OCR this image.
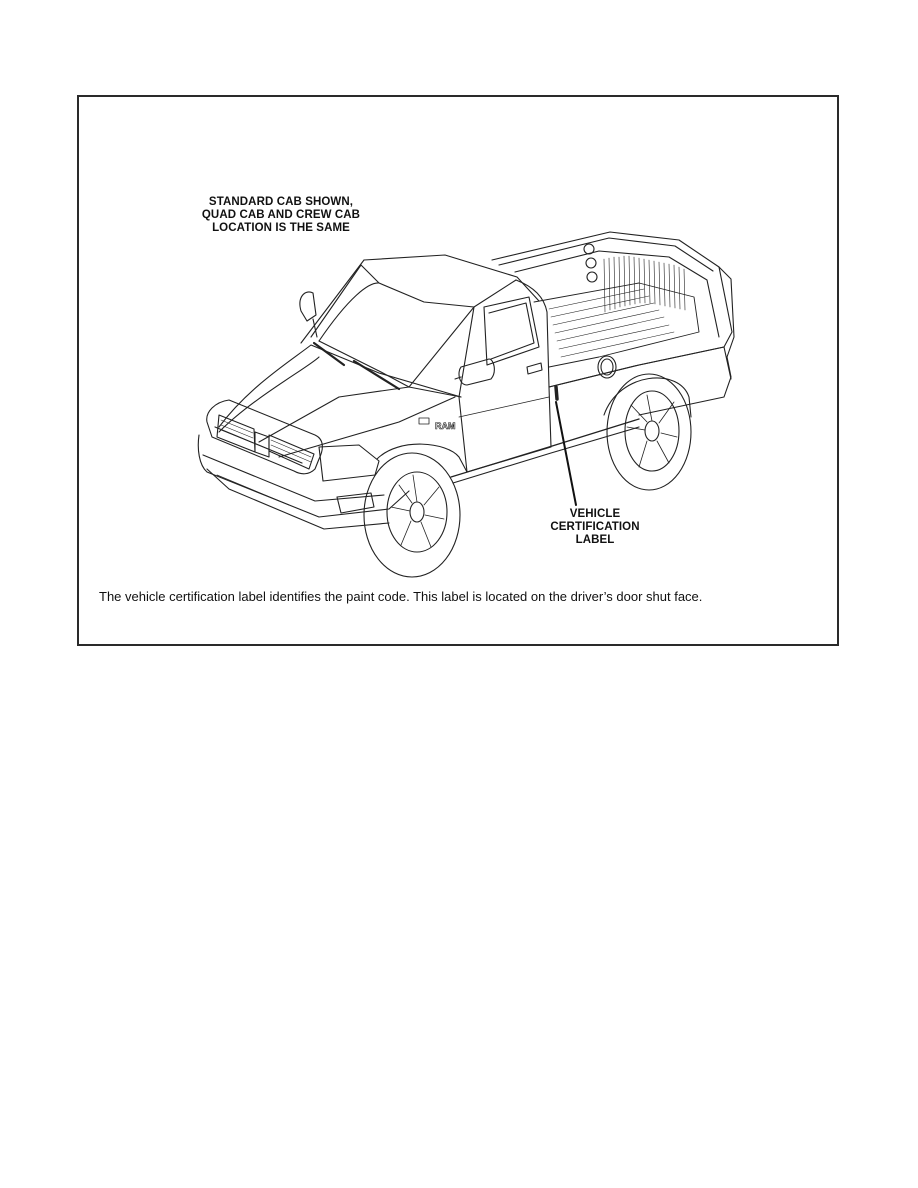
RAM
STANDARD CAB SHOWN,
QUAD CAB AND CREW CAB
LOCATION IS THE SAME
VEHICLE
CERTIFICATION
LABEL
The vehicle certification label identifies the paint code. This label is located on the driver’s door shut face.
